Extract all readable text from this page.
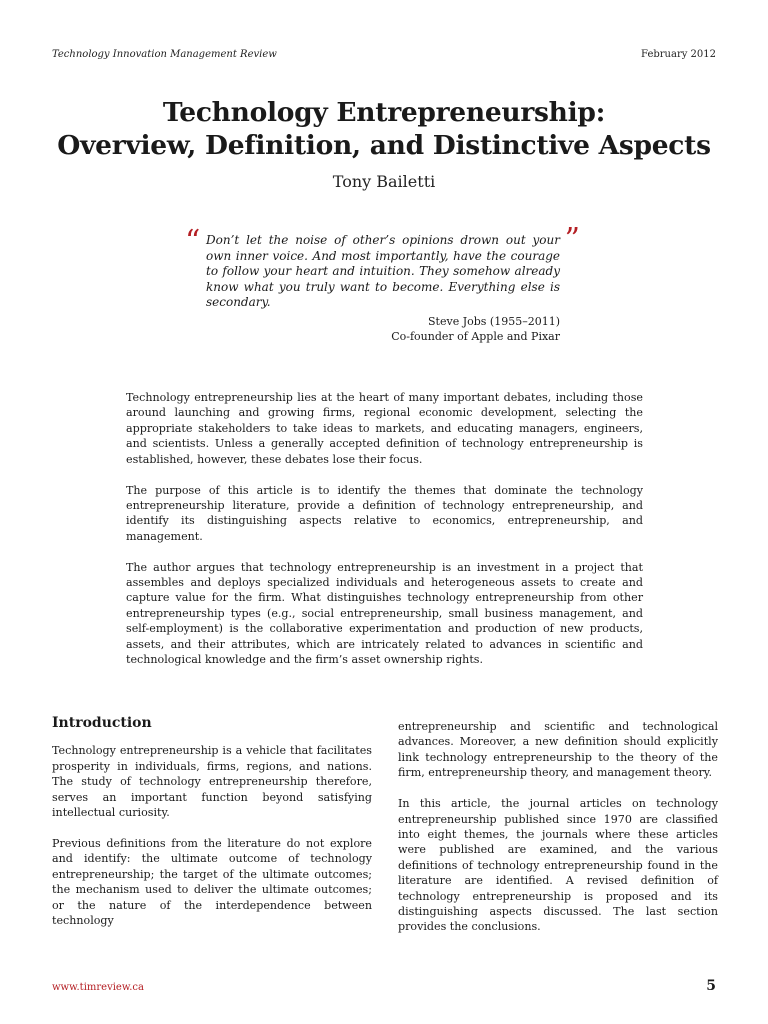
Technology Innovation Management Review	February 2012
Technology Entrepreneurship:
Overview, Definition, and Distinctive Aspects
Tony Bailetti
“	”

Don’t let the noise of other’s opinions drown out your own inner voice. And most importantly, have the courage to follow your heart and intuition. They somehow already know what you truly want to become. Everything else is secondary.

Steve Jobs (1955–2011)
Co-founder of Apple and Pixar

Technology entrepreneurship lies at the heart of many important debates, including those around launching and growing firms, regional economic development, selecting the appropriate stakeholders to take ideas to markets, and educating managers, engineers, and scientists. Unless a generally accepted definition of technology entrepreneurship is established, however, these debates lose their focus.

The purpose of this article is to identify the themes that dominate the technology entrepreneurship literature, provide a definition of technology entrepreneurship, and identify its distinguishing aspects relative to economics, entrepreneurship, and management.

The author argues that technology entrepreneurship is an investment in a project that assembles and deploys specialized individuals and heterogeneous assets to create and capture value for the firm. What distinguishes technology entrepreneurship from other entrepreneurship types (e.g., social entrepreneurship, small business management, and self-employment) is the collaborative experimentation and production of new products, assets, and their attributes, which are intricately related to advances in scientific and technological knowledge and the firm’s asset ownership rights.

Introduction

Technology entrepreneurship is a vehicle that facilitates prosperity in individuals, firms, regions, and nations. The study of technology entrepreneurship therefore, serves an important function beyond satisfying intellectual curiosity.

Previous definitions from the literature do not explore and identify: the ultimate outcome of technology entrepreneurship; the target of the ultimate outcomes; the mechanism used to deliver the ultimate outcomes; or the nature of the interdependence between technology

entrepreneurship and scientific and technological advances. Moreover, a new definition should explicitly link technology entrepreneurship to the theory of the firm, entrepreneurship theory, and management theory.

In this article, the journal articles on technology entrepreneurship published since 1970 are classified into eight themes, the journals where these articles were published are examined, and the various definitions of technology entrepreneurship found in the literature are identified. A revised definition of technology entrepreneurship is proposed and its distinguishing aspects discussed. The last section provides the conclusions.

www.timreview.ca	5
